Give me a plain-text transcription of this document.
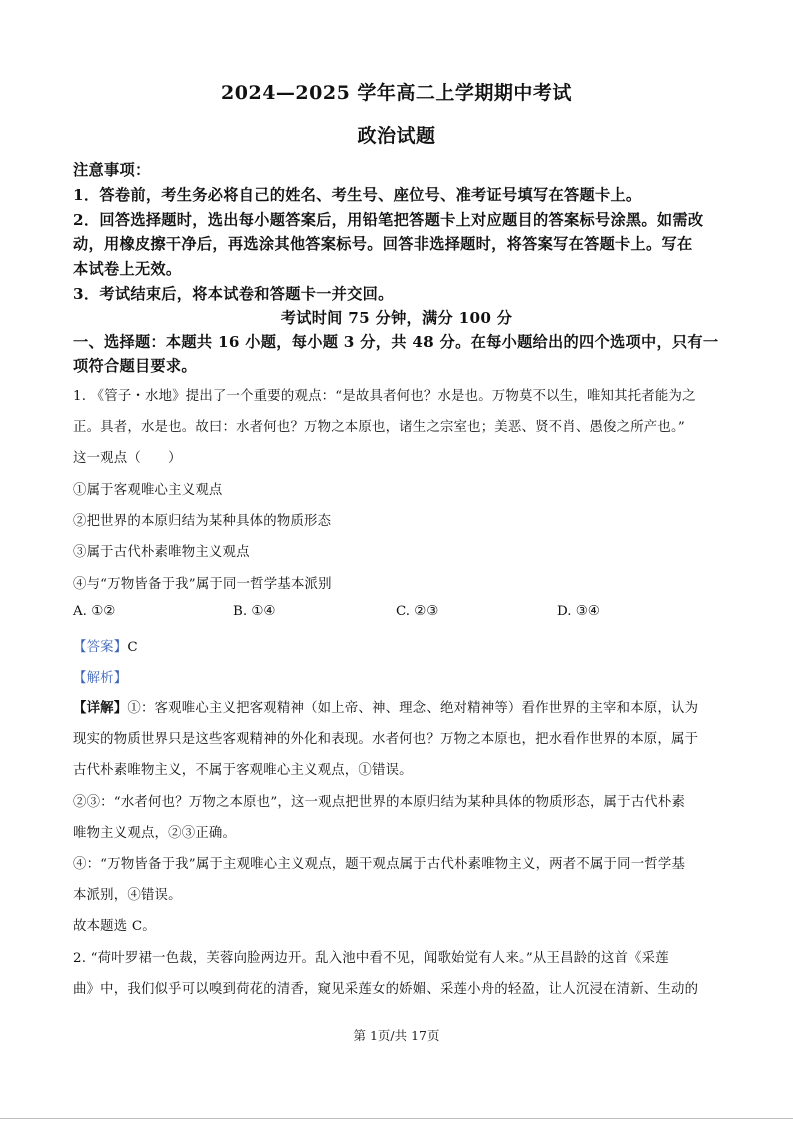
2024—2025 学年高二上学期期中考试
政治试题
注意事项：
1．答卷前，考生务必将自己的姓名、考生号、座位号、准考证号填写在答题卡上。
2．回答选择题时，选出每小题答案后，用铅笔把答题卡上对应题目的答案标号涂黑。如需改
动，用橡皮擦干净后，再选涂其他答案标号。回答非选择题时，将答案写在答题卡上。写在
本试卷上无效。
3．考试结束后，将本试卷和答题卡一并交回。
考试时间 75 分钟，满分 100 分
一、选择题：本题共 16 小题，每小题 3 分，共 48 分。在每小题给出的四个选项中，只有一
项符合题目要求。
1. 《管子・水地》提出了一个重要的观点：“是故具者何也？水是也。万物莫不以生，唯知其托者能为之
正。具者，水是也。故曰：水者何也？万物之本原也，诸生之宗室也；美恶、贤不肖、愚俊之所产也。”
这一观点（　　）
①属于客观唯心主义观点
②把世界的本原归结为某种具体的物质形态
③属于古代朴素唯物主义观点
④与“万物皆备于我”属于同一哲学基本派别
A. ①②	B. ①④	C. ②③	D. ③④
【答案】C
【解析】
【详解】①：客观唯心主义把客观精神（如上帝、神、理念、绝对精神等）看作世界的主宰和本原，认为
现实的物质世界只是这些客观精神的外化和表现。水者何也？万物之本原也，把水看作世界的本原，属于
古代朴素唯物主义，不属于客观唯心主义观点，①错误。
②③：“水者何也？万物之本原也”，这一观点把世界的本原归结为某种具体的物质形态，属于古代朴素
唯物主义观点，②③正确。
④：“万物皆备于我”属于主观唯心主义观点，题干观点属于古代朴素唯物主义，两者不属于同一哲学基
本派别，④错误。
故本题选 C。
2. “荷叶罗裙一色裁，芙蓉向脸两边开。乱入池中看不见，闻歌始觉有人来。”从王昌龄的这首《采莲
曲》中，我们似乎可以嗅到荷花的清香，窥见采莲女的娇媚、采莲小舟的轻盈，让人沉浸在清新、生动的
第 1页/共 17页
